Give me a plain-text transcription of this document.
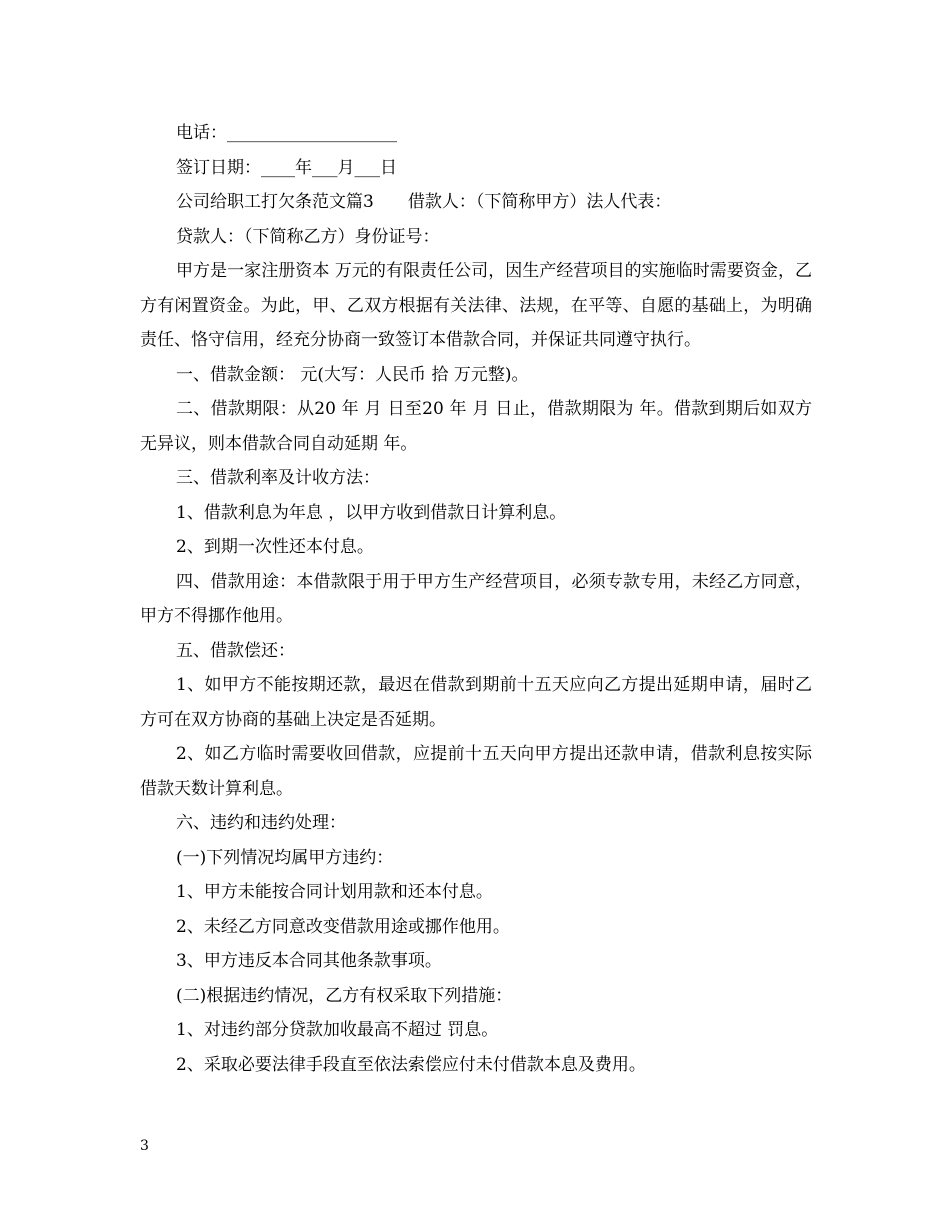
电话：____________________
签订日期：____年___月___日
公司给职工打欠条范文篇3　　借款人：（下简称甲方）法人代表：
贷款人：（下简称乙方）身份证号：
甲方是一家注册资本 万元的有限责任公司，因生产经营项目的实施临时需要资金，乙方有闲置资金。为此，甲、乙双方根据有关法律、法规，在平等、自愿的基础上，为明确责任、恪守信用，经充分协商一致签订本借款合同，并保证共同遵守执行。
一、借款金额： 元(大写：人民币 拾 万元整)。
二、借款期限：从20 年 月 日至20 年 月 日止，借款期限为 年。借款到期后如双方无异议，则本借款合同自动延期 年。
三、借款利率及计收方法：
1、借款利息为年息 ，以甲方收到借款日计算利息。
2、到期一次性还本付息。
四、借款用途：本借款限于用于甲方生产经营项目，必须专款专用，未经乙方同意，甲方不得挪作他用。
五、借款偿还：
1、如甲方不能按期还款，最迟在借款到期前十五天应向乙方提出延期申请，届时乙方可在双方协商的基础上决定是否延期。
2、如乙方临时需要收回借款，应提前十五天向甲方提出还款申请，借款利息按实际借款天数计算利息。
六、违约和违约处理：
(一)下列情况均属甲方违约：
1、甲方未能按合同计划用款和还本付息。
2、未经乙方同意改变借款用途或挪作他用。
3、甲方违反本合同其他条款事项。
(二)根据违约情况，乙方有权采取下列措施：
1、对违约部分贷款加收最高不超过 罚息。
2、采取必要法律手段直至依法索偿应付未付借款本息及费用。
3
